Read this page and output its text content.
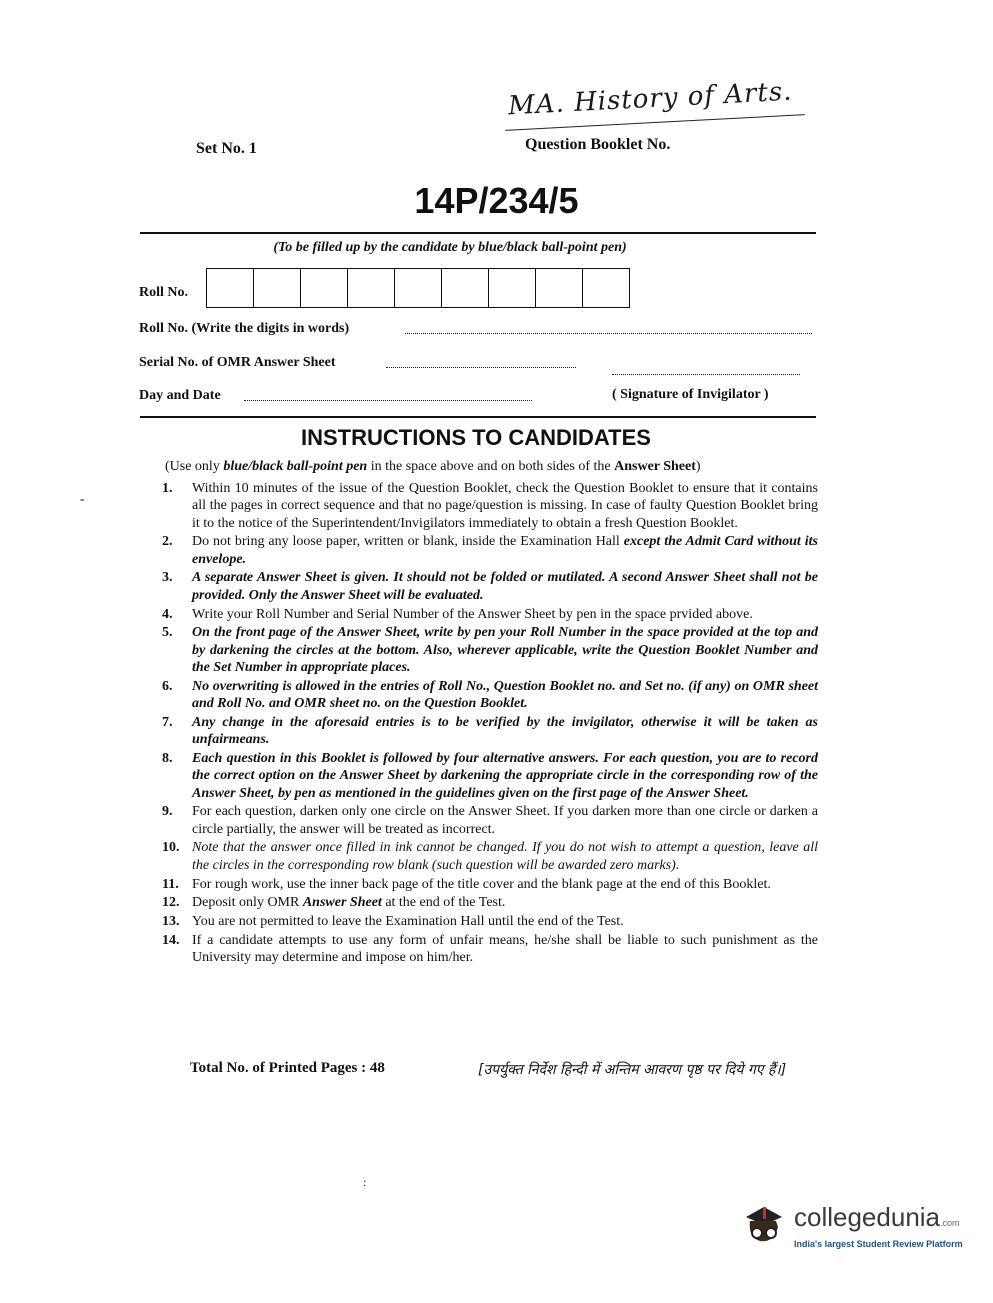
MA. History of Arts.
Set No. 1	Question Booklet No.
14P/234/5
(To be filled up by the candidate by blue/black ball-point pen)
Roll No.
Roll No. (Write the digits in words)
Serial No. of OMR Answer Sheet
Day and Date	( Signature of Invigilator )
INSTRUCTIONS TO CANDIDATES
(Use only blue/black ball-point pen in the space above and on both sides of the Answer Sheet)
-
1. Within 10 minutes of the issue of the Question Booklet, check the Question Booklet to ensure that it contains all the pages in correct sequence and that no page/question is missing. In case of faulty Question Booklet bring it to the notice of the Superintendent/Invigilators immediately to obtain a fresh Question Booklet.
2. Do not bring any loose paper, written or blank, inside the Examination Hall except the Admit Card without its envelope.
3. A separate Answer Sheet is given. It should not be folded or mutilated. A second Answer Sheet shall not be provided. Only the Answer Sheet will be evaluated.
4. Write your Roll Number and Serial Number of the Answer Sheet by pen in the space prvided above.
5. On the front page of the Answer Sheet, write by pen your Roll Number in the space provided at the top and by darkening the circles at the bottom. Also, wherever applicable, write the Question Booklet Number and the Set Number in appropriate places.
6. No overwriting is allowed in the entries of Roll No., Question Booklet no. and Set no. (if any) on OMR sheet and Roll No. and OMR sheet no. on the Question Booklet.
7. Any change in the aforesaid entries is to be verified by the invigilator, otherwise it will be taken as unfairmeans.
8. Each question in this Booklet is followed by four alternative answers. For each question, you are to record the correct option on the Answer Sheet by darkening the appropriate circle in the corresponding row of the Answer Sheet, by pen as mentioned in the guidelines given on the first page of the Answer Sheet.
9. For each question, darken only one circle on the Answer Sheet. If you darken more than one circle or darken a circle partially, the answer will be treated as incorrect.
10. Note that the answer once filled in ink cannot be changed. If you do not wish to attempt a question, leave all the circles in the corresponding row blank (such question will be awarded zero marks).
11. For rough work, use the inner back page of the title cover and the blank page at the end of this Booklet.
12. Deposit only OMR Answer Sheet at the end of the Test.
13. You are not permitted to leave the Examination Hall until the end of the Test.
14. If a candidate attempts to use any form of unfair means, he/she shall be liable to such punishment as the University may determine and impose on him/her.
Total No. of Printed Pages : 48	[उपर्युक्त निर्देश हिन्दी में अन्तिम आवरण पृष्ठ पर दिये गए हैं।]
:
collegedunia.com
India's largest Student Review Platform
